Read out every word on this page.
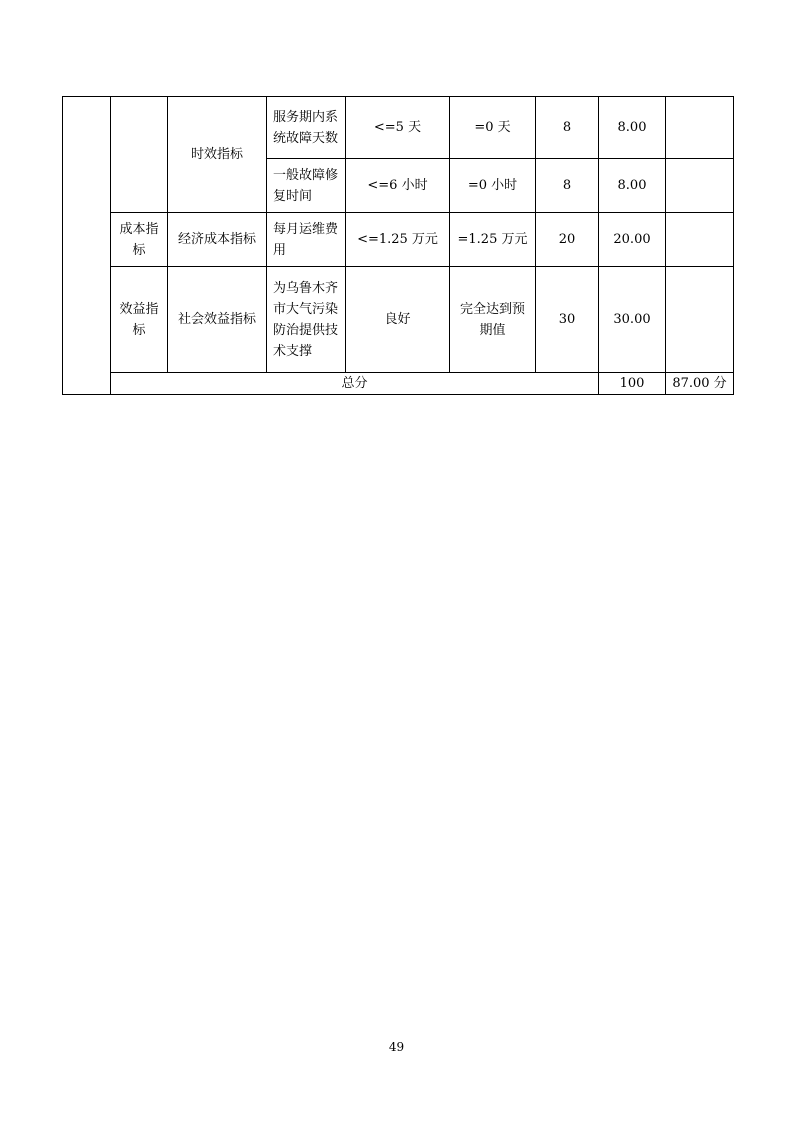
		时效指标	服务期内系统故障天数	<=5 天	=0 天	8	8.00		
			一般故障修复时间	<=6 小时	=0 小时	8	8.00		
	成本指标	经济成本指标	每月运维费用	<=1.25 万元	=1.25 万元	20	20.00		
	效益指标	社会效益指标	为乌鲁木齐市大气污染防治提供技术支撑	良好	完全达到预期值	30	30.00		
	总分						100	87.00 分	
49
